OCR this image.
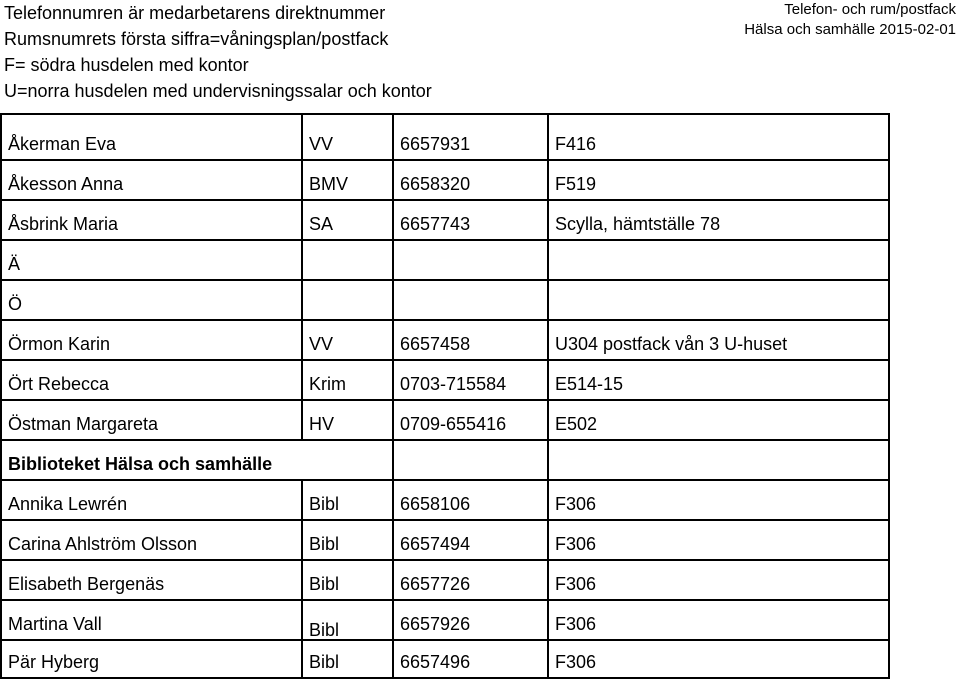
Telefonnumren är medarbetarens direktnummer
Rumsnumrets första siffra=våningsplan/postfack
F= södra husdelen med kontor
U=norra husdelen med undervisningssalar och kontor
Telefon- och rum/postfack
Hälsa och samhälle 2015-02-01
Åkerman Eva	VV	6657931	F416
Åkesson Anna	BMV	6658320	F519
Åsbrink Maria	SA	6657743	Scylla, hämtställe 78
Ä			
Ö			
Örmon Karin	VV	6657458	U304 postfack vån 3 U-huset
Ört Rebecca	Krim	0703-715584	E514-15
Östman Margareta	HV	0709-655416	E502
Biblioteket Hälsa och samhälle			
Annika Lewrén	Bibl	6658106	F306
Carina Ahlström Olsson	Bibl	6657494	F306
Elisabeth Bergenäs	Bibl	6657726	F306
Martina Vall	Bibl	6657926	F306
Pär Hyberg	Bibl	6657496	F306
